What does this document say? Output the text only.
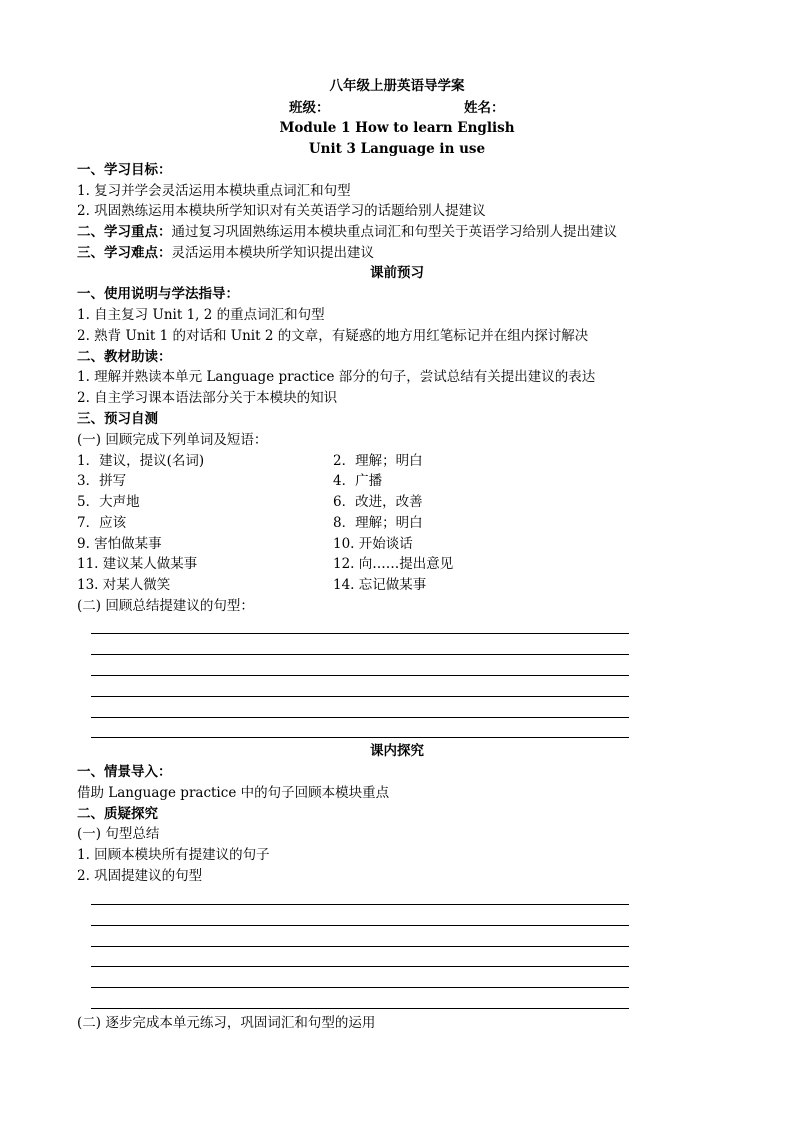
八年级上册英语导学案
班级：	姓名：
Module 1 How to learn English
Unit 3 Language in use
一、学习目标：
1. 复习并学会灵活运用本模块重点词汇和句型
2. 巩固熟练运用本模块所学知识对有关英语学习的话题给别人提建议
二、学习重点：通过复习巩固熟练运用本模块重点词汇和句型关于英语学习给别人提出建议
三、学习难点：灵活运用本模块所学知识提出建议
课前预习
一、使用说明与学法指导：
1. 自主复习 Unit 1, 2 的重点词汇和句型
2. 熟背 Unit 1 的对话和 Unit 2 的文章，有疑惑的地方用红笔标记并在组内探讨解决
二、教材助读：
1. 理解并熟读本单元 Language practice 部分的句子，尝试总结有关提出建议的表达
2. 自主学习课本语法部分关于本模块的知识
三、预习自测
(一) 回顾完成下列单词及短语：
1．建议，提议(名词)	2．理解；明白
3．拼写	4．广播
5．大声地	6．改进，改善
7．应该	8．理解；明白
9. 害怕做某事	10. 开始谈话
11. 建议某人做某事	12. 向……提出意见
13. 对某人微笑	14. 忘记做某事
(二) 回顾总结提建议的句型：
课内探究
一、情景导入：
借助 Language practice 中的句子回顾本模块重点
二、质疑探究
(一) 句型总结
1. 回顾本模块所有提建议的句子
2. 巩固提建议的句型
(二) 逐步完成本单元练习，巩固词汇和句型的运用
